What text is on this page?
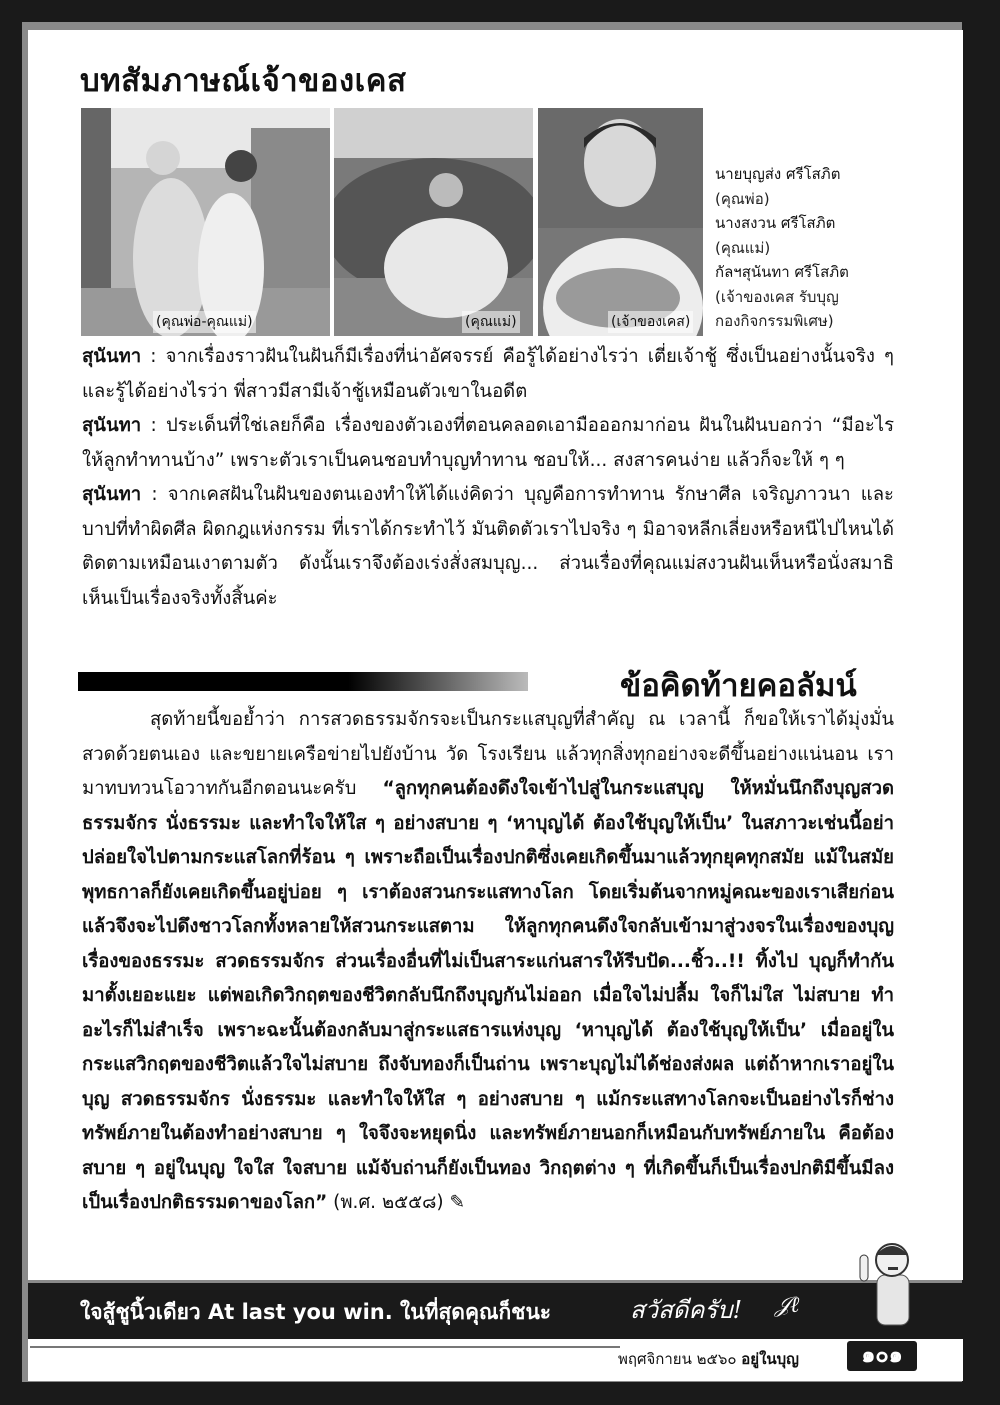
บทสัมภาษณ์เจ้าของเคส
(คุณพ่อ-คุณแม่)	(คุณแม่)	(เจ้าของเคส)
นายบุญส่ง ศรีโสภิต
(คุณพ่อ)
นางสงวน ศรีโสภิต
(คุณแม่)
กัลฯสุนันทา ศรีโสภิต
(เจ้าของเคส รับบุญ
กองกิจกรรมพิเศษ)

สุนันทา : จากเรื่องราวฝันในฝันก็มีเรื่องที่น่าอัศจรรย์ คือรู้ได้อย่างไรว่า เตี่ยเจ้าชู้ ซึ่งเป็นอย่างนั้นจริง ๆ และรู้ได้อย่างไรว่า พี่สาวมีสามีเจ้าชู้เหมือนตัวเขาในอดีต

สุนันทา : ประเด็นที่ใช่เลยก็คือ เรื่องของตัวเองที่ตอนคลอดเอามือออกมาก่อน ฝันในฝันบอกว่า “มีอะไรให้ลูกทำทานบ้าง” เพราะตัวเราเป็นคนชอบทำบุญทำทาน ชอบให้... สงสารคนง่าย แล้วก็จะให้ ๆ ๆ

สุนันทา : จากเคสฝันในฝันของตนเองทำให้ได้แง่คิดว่า บุญคือการทำทาน รักษาศีล เจริญภาวนา และบาปที่ทำผิดศีล ผิดกฎแห่งกรรม ที่เราได้กระทำไว้ มันติดตัวเราไปจริง ๆ มิอาจหลีกเลี่ยงหรือหนีไปไหนได้ ติดตามเหมือนเงาตามตัว ดังนั้นเราจึงต้องเร่งสั่งสมบุญ... ส่วนเรื่องที่คุณแม่สงวนฝันเห็นหรือนั่งสมาธิเห็นเป็นเรื่องจริงทั้งสิ้นค่ะ

ข้อคิดท้ายคอลัมน์

สุดท้ายนี้ขอย้ำว่า การสวดธรรมจักรจะเป็นกระแสบุญที่สำคัญ ณ เวลานี้ ก็ขอให้เราได้มุ่งมั่นสวดด้วยตนเอง และขยายเครือข่ายไปยังบ้าน วัด โรงเรียน แล้วทุกสิ่งทุกอย่างจะดีขึ้นอย่างแน่นอน เรามาทบทวนโอวาทกันอีกตอนนะครับ “ลูกทุกคนต้องดึงใจเข้าไปสู่ในกระแสบุญ ให้หมั่นนึกถึงบุญสวดธรรมจักร นั่งธรรมะ และทำใจให้ใส ๆ อย่างสบาย ๆ ‘หาบุญได้ ต้องใช้บุญให้เป็น’ ในสภาวะเช่นนี้อย่าปล่อยใจไปตามกระแสโลกที่ร้อน ๆ เพราะถือเป็นเรื่องปกติซึ่งเคยเกิดขึ้นมาแล้วทุกยุคทุกสมัย แม้ในสมัยพุทธกาลก็ยังเคยเกิดขึ้นอยู่บ่อย ๆ เราต้องสวนกระแสทางโลก โดยเริ่มต้นจากหมู่คณะของเราเสียก่อน แล้วจึงจะไปดึงชาวโลกทั้งหลายให้สวนกระแสตาม ให้ลูกทุกคนดึงใจกลับเข้ามาสู่วงจรในเรื่องของบุญ เรื่องของธรรมะ สวดธรรมจักร ส่วนเรื่องอื่นที่ไม่เป็นสาระแก่นสารให้รีบปัด...ชิ้ว..!! ทิ้งไป บุญก็ทำกันมาตั้งเยอะแยะ แต่พอเกิดวิกฤตของชีวิตกลับนึกถึงบุญกันไม่ออก เมื่อใจไม่ปลื้ม ใจก็ไม่ใส ไม่สบาย ทำอะไรก็ไม่สำเร็จ เพราะฉะนั้นต้องกลับมาสู่กระแสธารแห่งบุญ ‘หาบุญได้ ต้องใช้บุญให้เป็น’ เมื่ออยู่ในกระแสวิกฤตของชีวิตแล้วใจไม่สบาย ถึงจับทองก็เป็นถ่าน เพราะบุญไม่ได้ช่องส่งผล แต่ถ้าหากเราอยู่ในบุญ สวดธรรมจักร นั่งธรรมะ และทำใจให้ใส ๆ อย่างสบาย ๆ แม้กระแสทางโลกจะเป็นอย่างไรก็ช่าง ทรัพย์ภายในต้องทำอย่างสบาย ๆ ใจจึงจะหยุดนิ่ง และทรัพย์ภายนอกก็เหมือนกับทรัพย์ภายใน คือต้องสบาย ๆ อยู่ในบุญ ใจใส ใจสบาย แม้จับถ่านก็ยังเป็นทอง วิกฤตต่าง ๆ ที่เกิดขึ้นก็เป็นเรื่องปกติมีขึ้นมีลงเป็นเรื่องปกติธรรมดาของโลก” (พ.ศ. ๒๕๕๘) ✎

ใจสู้ชูนิ้วเดียว At last you win. ในที่สุดคุณก็ชนะ	สวัสดีครับ! 𝒥ℓ
พฤศจิกายน ๒๕๖๐ อยู่ในบุญ	๑๐๑
